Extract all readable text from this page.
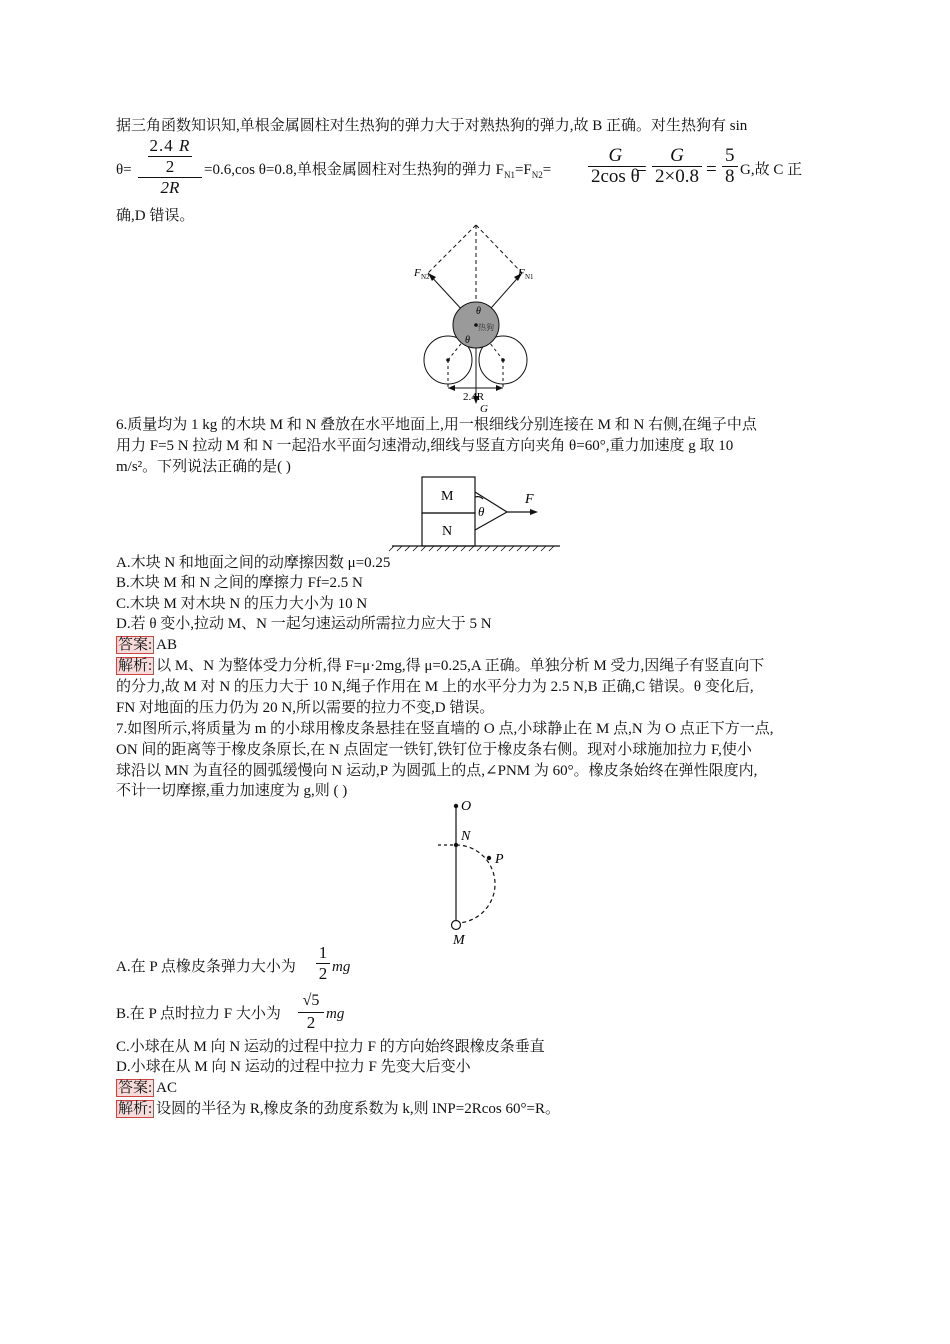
据三角函数知识知,单根金属圆柱对生热狗的弹力大于对熟热狗的弹力,故 B 正确。对生热狗有 sin
θ=
2.4 R
2
2R
=0.6,cos θ=0.8,单根金属圆柱对生热狗的弹力 $F_{N1}=F_{N2}= \frac{G}{\text{2cos θ}}$
= $\frac{G}{2\times 0.8} = \frac{5}{8} G$,故 C 正
确,D 错误。
F N2	F N1
θ
θ
热狗
2.4R
G
6.质量均为 1 kg 的木块 M 和 N 叠放在水平地面上,用一根细线分别连接在 M 和 N 右侧,在绳子中点
用力 F=5 N 拉动 M 和 N 一起沿水平面匀速滑动,细线与竖直方向夹角 θ=60°,重力加速度 g 取 10
m/s²。下列说法正确的是( )
M
N
θ
F
A.木块 N 和地面之间的动摩擦因数 μ=0.25
B.木块 M 和 N 之间的摩擦力 Ff=2.5 N
C.木块 M 对木块 N 的压力大小为 10 N
D.若 θ 变小,拉动 M、N 一起匀速运动所需拉力应大于 5 N
答案: AB
解析: 以 M、N 为整体受力分析,得 F=μ·2mg,得 μ=0.25,A 正确。单独分析 M 受力,因绳子有竖直向下
的分力,故 M 对 N 的压力大于 10 N,绳子作用在 M 上的水平分力为 2.5 N,B 正确,C 错误。θ 变化后,
FN 对地面的压力仍为 20 N,所以需要的拉力不变,D 错误。
7.如图所示,将质量为 m 的小球用橡皮条悬挂在竖直墙的 O 点,小球静止在 M 点,N 为 O 点正下方一点,
ON 间的距离等于橡皮条原长,在 N 点固定一铁钉,铁钉位于橡皮条右侧。现对小球施加拉力 F,使小
球沿以 MN 为直径的圆弧缓慢向 N 运动,P 为圆弧上的点,∠PNM 为 60°。橡皮条始终在弹性限度内,
不计一切摩擦,重力加速度为 g,则 ( )
O
N
P
M
A.在 P 点橡皮条弹力大小为 $\frac{1}{2}$ mg
B.在 P 点时拉力 F 大小为 $\frac{√5}{2}$ mg
C.小球在从 M 向 N 运动的过程中拉力 F 的方向始终跟橡皮条垂直
D.小球在从 M 向 N 运动的过程中拉力 F 先变大后变小
答案: AC
解析: 设圆的半径为 R,橡皮条的劲度系数为 k,则 lNP=2Rcos 60°=R。
